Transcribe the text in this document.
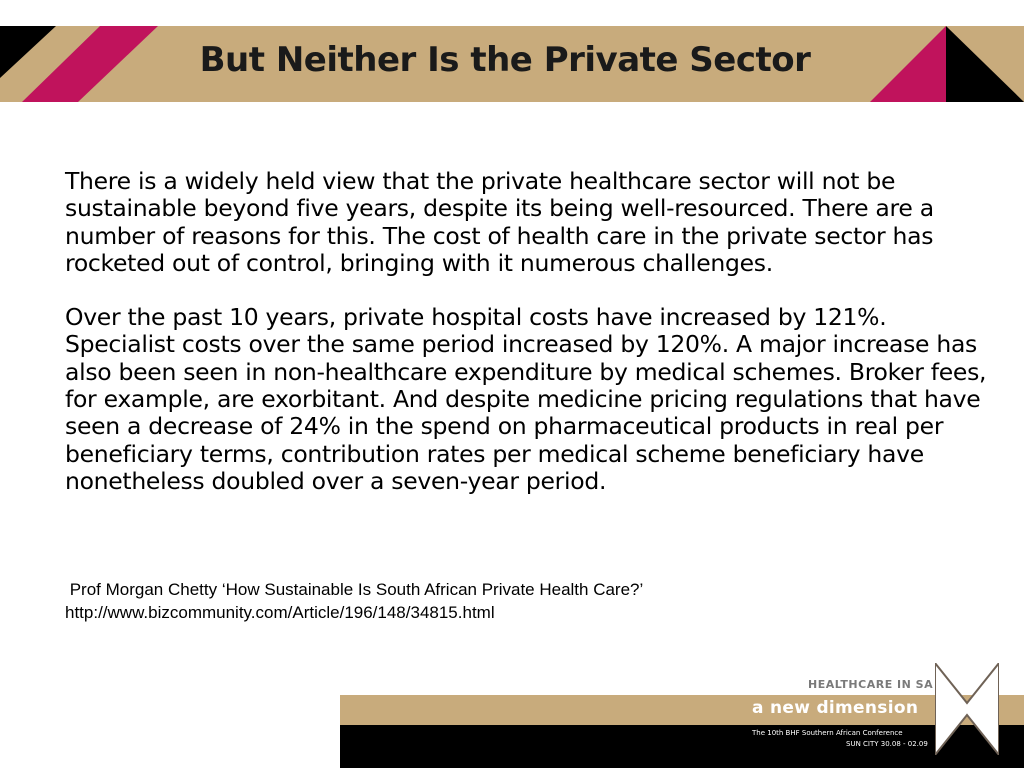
But Neither Is the Private Sector

There is a widely held view that the private healthcare sector will not be sustainable beyond five years, despite its being well-resourced. There are a number of reasons for this. The cost of health care in the private sector has rocketed out of control, bringing with it numerous challenges.

Over the past 10 years, private hospital costs have increased by 121%. Specialist costs over the same period increased by 120%. A major increase has also been seen in non-healthcare expenditure by medical schemes. Broker fees, for example, are exorbitant. And despite medicine pricing regulations that have seen a decrease of 24% in the spend on pharmaceutical products in real per beneficiary terms, contribution rates per medical scheme beneficiary have nonetheless doubled over a seven-year period.

Prof Morgan Chetty ‘How Sustainable Is South African Private Health Care?’
http://www.bizcommunity.com/Article/196/148/34815.html
HEALTHCARE IN SA
a new dimension
The 10th BHF Southern African Conference
SUN CITY 30.08 - 02.09
